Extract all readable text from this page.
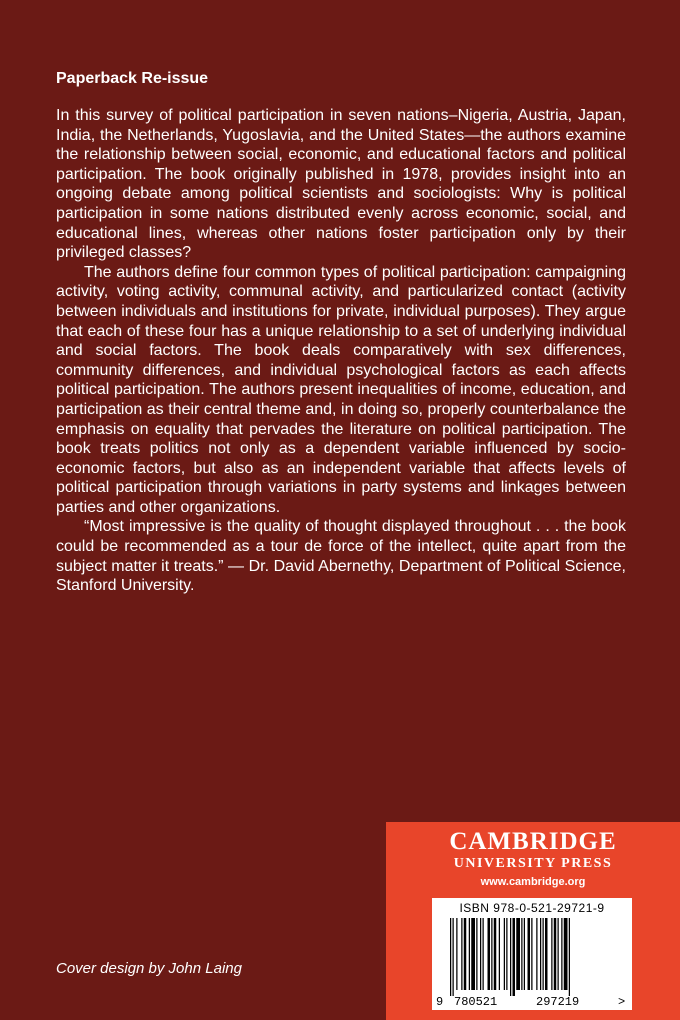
Paperback Re-issue

In this survey of political participation in seven nations–Nigeria, Austria, Japan, India, the Netherlands, Yugoslavia, and the United States—the authors examine the relationship between social, economic, and educational factors and political participation. The book originally published in 1978, provides insight into an ongoing debate among political scientists and sociologists: Why is political participation in some nations distributed evenly across economic, social, and educational lines, whereas other nations foster participation only by their privileged classes?

The authors define four common types of political participation: campaigning activity, voting activity, communal activity, and particularized contact (activity between individuals and institutions for private, individual purposes). They argue that each of these four has a unique relationship to a set of underlying individual and social factors. The book deals comparatively with sex differences, community differences, and individual psychological factors as each affects political participation. The authors present inequalities of income, education, and participation as their central theme and, in doing so, properly counterbalance the emphasis on equality that pervades the literature on political participation. The book treats politics not only as a dependent variable influenced by socioeconomic factors, but also as an independent variable that affects levels of political participation through variations in party systems and linkages between parties and other organizations.

“Most impressive is the quality of thought displayed throughout . . . the book could be recommended as a tour de force of the intellect, quite apart from the subject matter it treats.” — Dr. David Abernethy, Department of Political Science, Stanford University.

Cover design by John Laing
CAMBRIDGE
UNIVERSITY PRESS
www.cambridge.org
ISBN 978-0-521-29721-9
9 780521	297219	>
